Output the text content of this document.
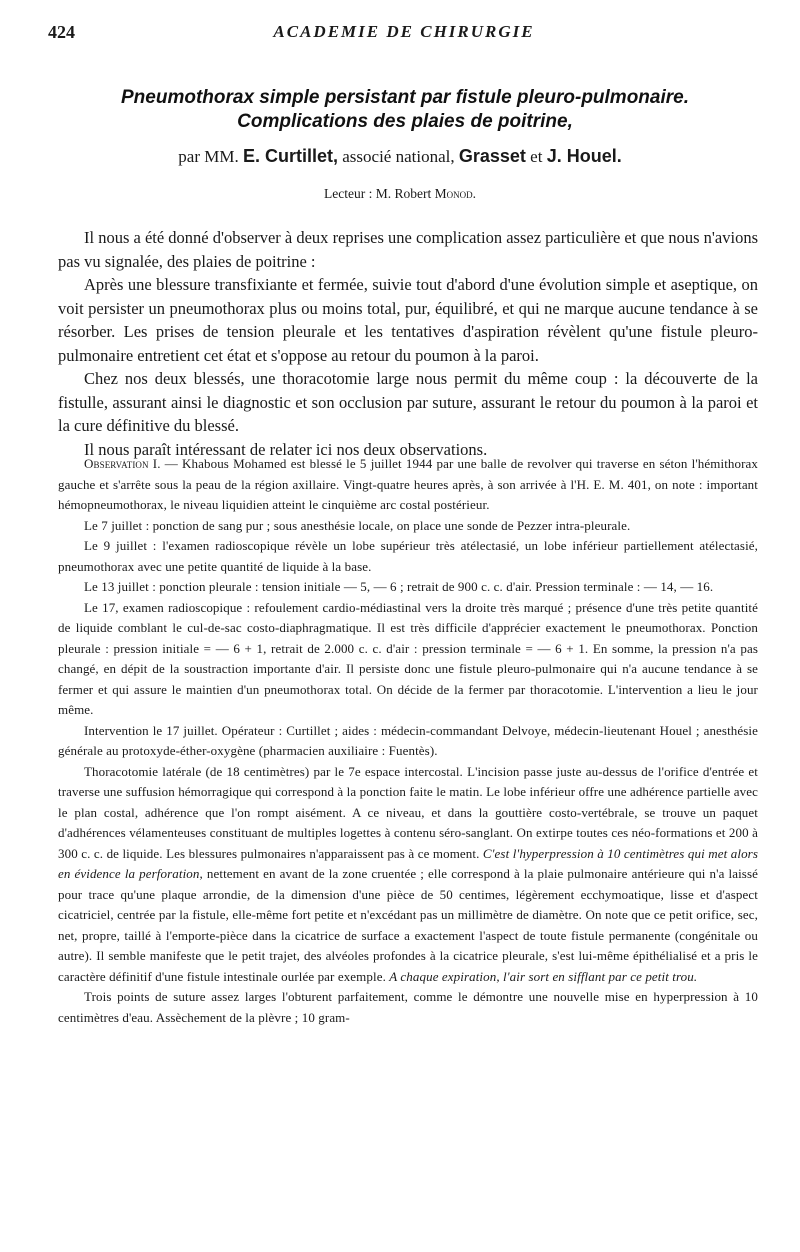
424	ACADEMIE DE CHIRURGIE
Pneumothorax simple persistant par fistule pleuro-pulmonaire.
Complications des plaies de poitrine,
par MM. E. Curtillet, associé national, Grasset et J. Houel.
Lecteur : M. Robert Monod.

Il nous a été donné d'observer à deux reprises une complication assez particulière et que nous n'avions pas vu signalée, des plaies de poitrine :

Après une blessure transfixiante et fermée, suivie tout d'abord d'une évolution simple et aseptique, on voit persister un pneumothorax plus ou moins total, pur, équilibré, et qui ne marque aucune tendance à se résorber. Les prises de tension pleurale et les tentatives d'aspiration révèlent qu'une fistule pleuro-pulmonaire entretient cet état et s'oppose au retour du poumon à la paroi.

Chez nos deux blessés, une thoracotomie large nous permit du même coup : la découverte de la fistulle, assurant ainsi le diagnostic et son occlusion par suture, assurant le retour du poumon à la paroi et la cure définitive du blessé.

Il nous paraît intéressant de relater ici nos deux observations.

Observation I. — Khabous Mohamed est blessé le 5 juillet 1944 par une balle de revolver qui traverse en séton l'hémithorax gauche et s'arrête sous la peau de la région axillaire. Vingt-quatre heures après, à son arrivée à l'H. E. M. 401, on note : important hémopneumothorax, le niveau liquidien atteint le cinquième arc costal postérieur.

Le 7 juillet : ponction de sang pur ; sous anesthésie locale, on place une sonde de Pezzer intra-pleurale.

Le 9 juillet : l'examen radioscopique révèle un lobe supérieur très atélectasié, un lobe inférieur partiellement atélectasié, pneumothorax avec une petite quantité de liquide à la base.

Le 13 juillet : ponction pleurale : tension initiale — 5, — 6 ; retrait de 900 c. c. d'air. Pression terminale : — 14, — 16.

Le 17, examen radioscopique : refoulement cardio-médiastinal vers la droite très marqué ; présence d'une très petite quantité de liquide comblant le cul-de-sac costo-diaphragmatique. Il est très difficile d'apprécier exactement le pneumothorax. Ponction pleurale : pression initiale = — 6 + 1, retrait de 2.000 c. c. d'air : pression terminale = — 6 + 1. En somme, la pression n'a pas changé, en dépit de la soustraction importante d'air. Il persiste donc une fistule pleuro-pulmonaire qui n'a aucune tendance à se fermer et qui assure le maintien d'un pneumothorax total. On décide de la fermer par thoracotomie. L'intervention a lieu le jour même.

Intervention le 17 juillet. Opérateur : Curtillet ; aides : médecin-commandant Delvoye, médecin-lieutenant Houel ; anesthésie générale au protoxyde-éther-oxygène (pharmacien auxiliaire : Fuentès).

Thoracotomie latérale (de 18 centimètres) par le 7e espace intercostal. L'incision passe juste au-dessus de l'orifice d'entrée et traverse une suffusion hémorragique qui correspond à la ponction faite le matin. Le lobe inférieur offre une adhérence partielle avec le plan costal, adhérence que l'on rompt aisément. A ce niveau, et dans la gouttière costo-vertébrale, se trouve un paquet d'adhérences vélamenteuses constituant de multiples logettes à contenu séro-sanglant. On extirpe toutes ces néo-formations et 200 à 300 c. c. de liquide. Les blessures pulmonaires n'apparaissent pas à ce moment. C'est l'hyperpression à 10 centimètres qui met alors en évidence la perforation, nettement en avant de la zone cruentée ; elle correspond à la plaie pulmonaire antérieure qui n'a laissé pour trace qu'une plaque arrondie, de la dimension d'une pièce de 50 centimes, légèrement ecchymoatique, lisse et d'aspect cicatriciel, centrée par la fistule, elle-même fort petite et n'excédant pas un millimètre de diamètre. On note que ce petit orifice, sec, net, propre, taillé à l'emporte-pièce dans la cicatrice de surface a exactement l'aspect de toute fistule permanente (congénitale ou autre). Il semble manifeste que le petit trajet, des alvéoles profondes à la cicatrice pleurale, s'est lui-même épithélialisé et a pris le caractère définitif d'une fistule intestinale ourlée par exemple. A chaque expiration, l'air sort en sifflant par ce petit trou.

Trois points de suture assez larges l'obturent parfaitement, comme le démontre une nouvelle mise en hyperpression à 10 centimètres d'eau. Assèchement de la plèvre ; 10 gram-
